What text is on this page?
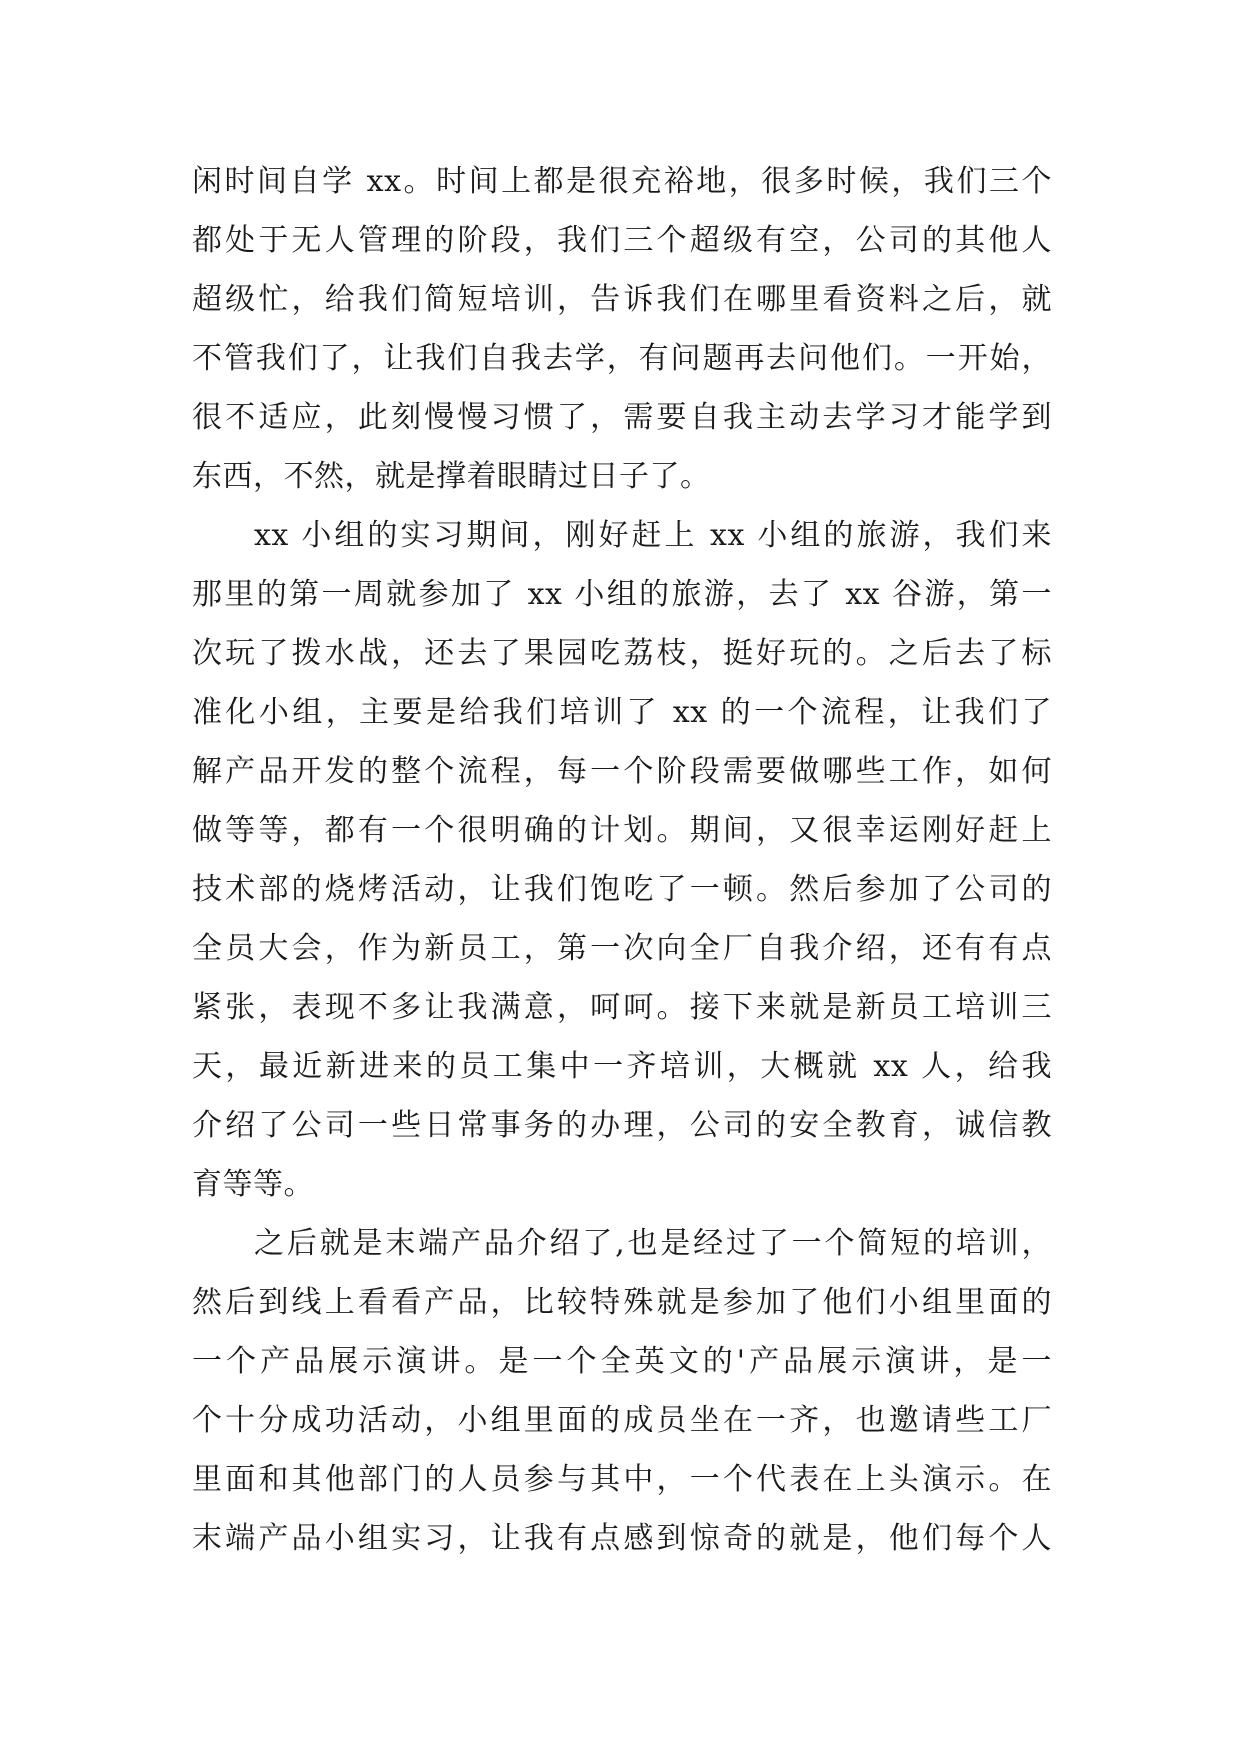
闲时间自学 xx。时间上都是很充裕地，很多时候，我们三个
都处于无人管理的阶段，我们三个超级有空，公司的其他人
超级忙，给我们简短培训，告诉我们在哪里看资料之后，就
不管我们了，让我们自我去学，有问题再去问他们。一开始，
很不适应，此刻慢慢习惯了，需要自我主动去学习才能学到
东西，不然，就是撑着眼睛过日子了。
xx 小组的实习期间，刚好赶上 xx 小组的旅游，我们来
那里的第一周就参加了 xx 小组的旅游，去了 xx 谷游，第一
次玩了拨水战，还去了果园吃荔枝，挺好玩的。之后去了标
准化小组，主要是给我们培训了 xx 的一个流程，让我们了
解产品开发的整个流程，每一个阶段需要做哪些工作，如何
做等等，都有一个很明确的计划。期间，又很幸运刚好赶上
技术部的烧烤活动，让我们饱吃了一顿。然后参加了公司的
全员大会，作为新员工，第一次向全厂自我介绍，还有有点
紧张，表现不多让我满意，呵呵。接下来就是新员工培训三
天，最近新进来的员工集中一齐培训，大概就 xx 人，给我
介绍了公司一些日常事务的办理，公司的安全教育，诚信教
育等等。
之后就是末端产品介绍了,也是经过了一个简短的培训，
然后到线上看看产品，比较特殊就是参加了他们小组里面的
一个产品展示演讲。是一个全英文的'产品展示演讲，是一
个十分成功活动，小组里面的成员坐在一齐，也邀请些工厂
里面和其他部门的人员参与其中，一个代表在上头演示。在
末端产品小组实习，让我有点感到惊奇的就是，他们每个人
